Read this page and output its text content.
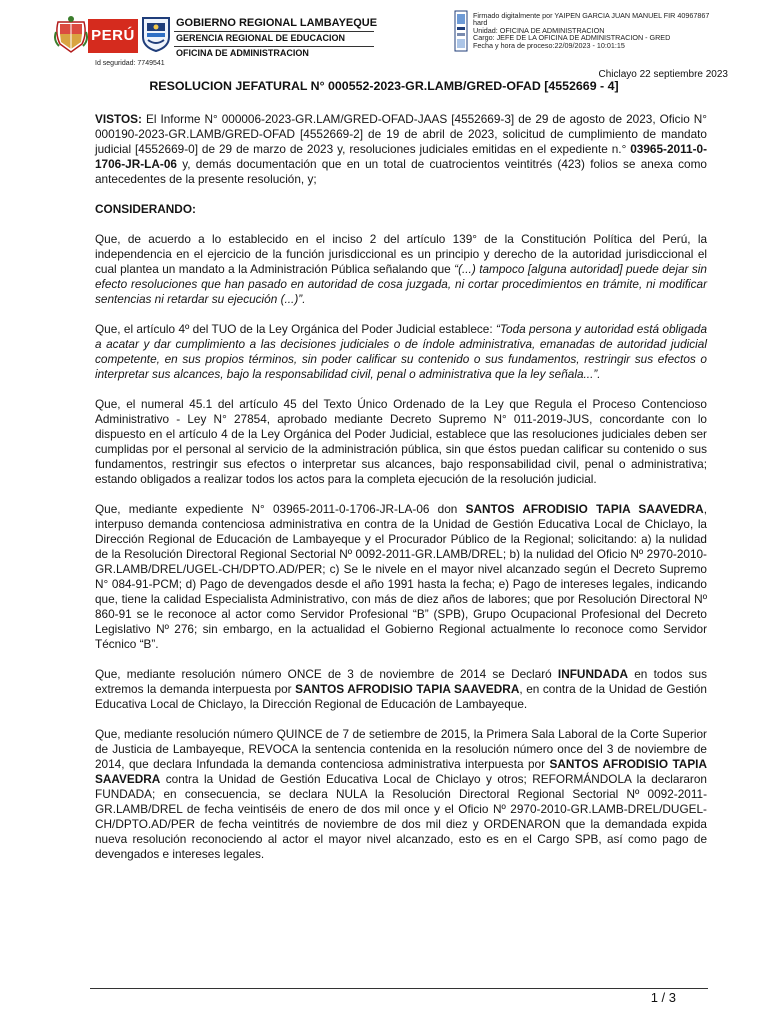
PERÚ
GOBIERNO REGIONAL LAMBAYEQUE
GERENCIA REGIONAL DE EDUCACION
OFICINA DE ADMINISTRACION
Firmado digitalmente por YAIPEN GARCIA JUAN MANUEL FIR 40967867
hard
Unidad: OFICINA DE ADMINISTRACION
Cargo: JEFE DE LA OFICINA DE ADMINISTRACION - GRED
Fecha y hora de proceso:22/09/2023 - 10:01:15
Id seguridad: 7749541
Chiclayo 22 septiembre 2023
RESOLUCION JEFATURAL N° 000552-2023-GR.LAMB/GRED-OFAD [4552669 - 4]

VISTOS: El Informe N° 000006-2023-GR.LAM/GRED-OFAD-JAAS [4552669-3] de 29 de agosto de 2023, Oficio N° 000190-2023-GR.LAMB/GRED-OFAD [4552669-2] de 19 de abril de 2023, solicitud de cumplimiento de mandato judicial [4552669-0] de 29 de marzo de 2023 y, resoluciones judiciales emitidas en el expediente n.° 03965-2011-0-1706-JR-LA-06 y, demás documentación que en un total de cuatrocientos veintitrés (423) folios se anexa como antecedentes de la presente resolución, y;

CONSIDERANDO:

Que, de acuerdo a lo establecido en el inciso 2 del artículo 139° de la Constitución Política del Perú, la independencia en el ejercicio de la función jurisdiccional es un principio y derecho de la autoridad jurisdiccional el cual plantea un mandato a la Administración Pública señalando que “(...) tampoco [alguna autoridad] puede dejar sin efecto resoluciones que han pasado en autoridad de cosa juzgada, ni cortar procedimientos en trámite, ni modificar sentencias ni retardar su ejecución (...)”.

Que, el artículo 4º del TUO de la Ley Orgánica del Poder Judicial establece: “Toda persona y autoridad está obligada a acatar y dar cumplimiento a las decisiones judiciales o de índole administrativa, emanadas de autoridad judicial competente, en sus propios términos, sin poder calificar su contenido o sus fundamentos, restringir sus efectos o interpretar sus alcances, bajo la responsabilidad civil, penal o administrativa que la ley señala...”.

Que, el numeral 45.1 del artículo 45 del Texto Único Ordenado de la Ley que Regula el Proceso Contencioso Administrativo - Ley N° 27854, aprobado mediante Decreto Supremo N° 011-2019-JUS, concordante con lo dispuesto en el artículo 4 de la Ley Orgánica del Poder Judicial, establece que las resoluciones judiciales deben ser cumplidas por el personal al servicio de la administración pública, sin que éstos puedan calificar su contenido o sus fundamentos, restringir sus efectos o interpretar sus alcances, bajo responsabilidad civil, penal o administrativa; estando obligados a realizar todos los actos para la completa ejecución de la resolución judicial.

Que, mediante expediente N° 03965-2011-0-1706-JR-LA-06 don SANTOS AFRODISIO TAPIA SAAVEDRA, interpuso demanda contenciosa administrativa en contra de la Unidad de Gestión Educativa Local de Chiclayo, la Dirección Regional de Educación de Lambayeque y el Procurador Público de la Regional; solicitando: a) la nulidad de la Resolución Directoral Regional Sectorial Nº 0092-2011-GR.LAMB/DREL; b) la nulidad del Oficio Nº 2970-2010-GR.LAMB/DREL/UGEL-CH/DPTO.AD/PER; c) Se le nivele en el mayor nivel alcanzado según el Decreto Supremo N° 084-91-PCM; d) Pago de devengados desde el año 1991 hasta la fecha; e) Pago de intereses legales, indicando que, tiene la calidad Especialista Administrativo, con más de diez años de labores; que por Resolución Directoral Nº 860-91 se le reconoce al actor como Servidor Profesional “B” (SPB), Grupo Ocupacional Profesional del Decreto Legislativo Nº 276; sin embargo, en la actualidad el Gobierno Regional actualmente lo reconoce como Servidor Técnico “B”.

Que, mediante resolución número ONCE de 3 de noviembre de 2014 se Declaró INFUNDADA en todos sus extremos la demanda interpuesta por SANTOS AFRODISIO TAPIA SAAVEDRA, en contra de la Unidad de Gestión Educativa Local de Chiclayo, la Dirección Regional de Educación de Lambayeque.

Que, mediante resolución número QUINCE de 7 de setiembre de 2015, la Primera Sala Laboral de la Corte Superior de Justicia de Lambayeque, REVOCA la sentencia contenida en la resolución número once del 3 de noviembre de 2014, que declara Infundada la demanda contenciosa administrativa interpuesta por SANTOS AFRODISIO TAPIA SAAVEDRA contra la Unidad de Gestión Educativa Local de Chiclayo y otros; REFORMÁNDOLA la declararon FUNDADA; en consecuencia, se declara NULA la Resolución Directoral Regional Sectorial Nº 0092-2011-GR.LAMB/DREL de fecha veintiséis de enero de dos mil once y el Oficio Nº 2970-2010-GR.LAMB-DREL/DUGEL-CH/DPTO.AD/PER de fecha veintitrés de noviembre de dos mil diez y ORDENARON que la demandada expida nueva resolución reconociendo al actor el mayor nivel alcanzado, esto es en el Cargo SPB, así como pago de devengados e intereses legales.

1 / 3
